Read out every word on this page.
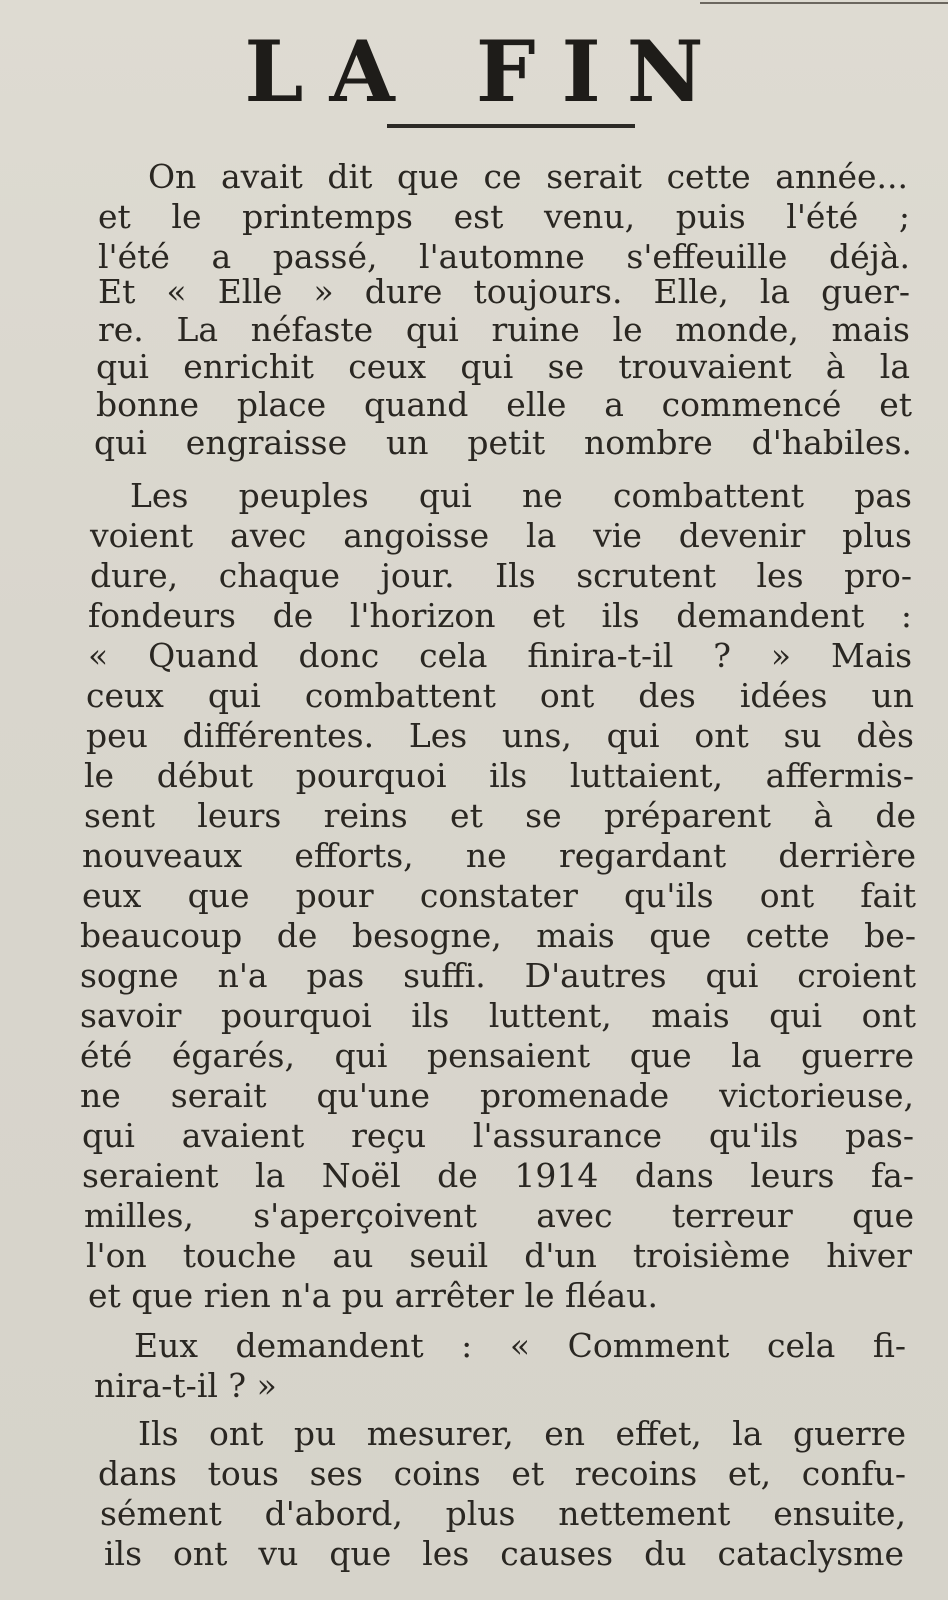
LA FIN
On avait dit que ce serait cette année...
et le printemps est venu, puis l'été ;
l'été a passé, l'automne s'effeuille déjà.
Et « Elle » dure toujours. Elle, la guer-
re. La néfaste qui ruine le monde, mais
qui enrichit ceux qui se trouvaient à la
bonne place quand elle a commencé et
qui engraisse un petit nombre d'habiles.
Les peuples qui ne combattent pas
voient avec angoisse la vie devenir plus
dure, chaque jour. Ils scrutent les pro-
fondeurs de l'horizon et ils demandent :
« Quand donc cela finira-t-il ? » Mais
ceux qui combattent ont des idées un
peu différentes. Les uns, qui ont su dès
le début pourquoi ils luttaient, affermis-
sent leurs reins et se préparent à de
nouveaux efforts, ne regardant derrière
eux que pour constater qu'ils ont fait
beaucoup de besogne, mais que cette be-
sogne n'a pas suffi. D'autres qui croient
savoir pourquoi ils luttent, mais qui ont
été égarés, qui pensaient que la guerre
ne serait qu'une promenade victorieuse,
qui avaient reçu l'assurance qu'ils pas-
seraient la Noël de 1914 dans leurs fa-
milles, s'aperçoivent avec terreur que
l'on touche au seuil d'un troisième hiver
et que rien n'a pu arrêter le fléau.
Eux demandent : « Comment cela fi-
nira-t-il ? »
Ils ont pu mesurer, en effet, la guerre
dans tous ses coins et recoins et, confu-
sément d'abord, plus nettement ensuite,
ils ont vu que les causes du cataclysme
